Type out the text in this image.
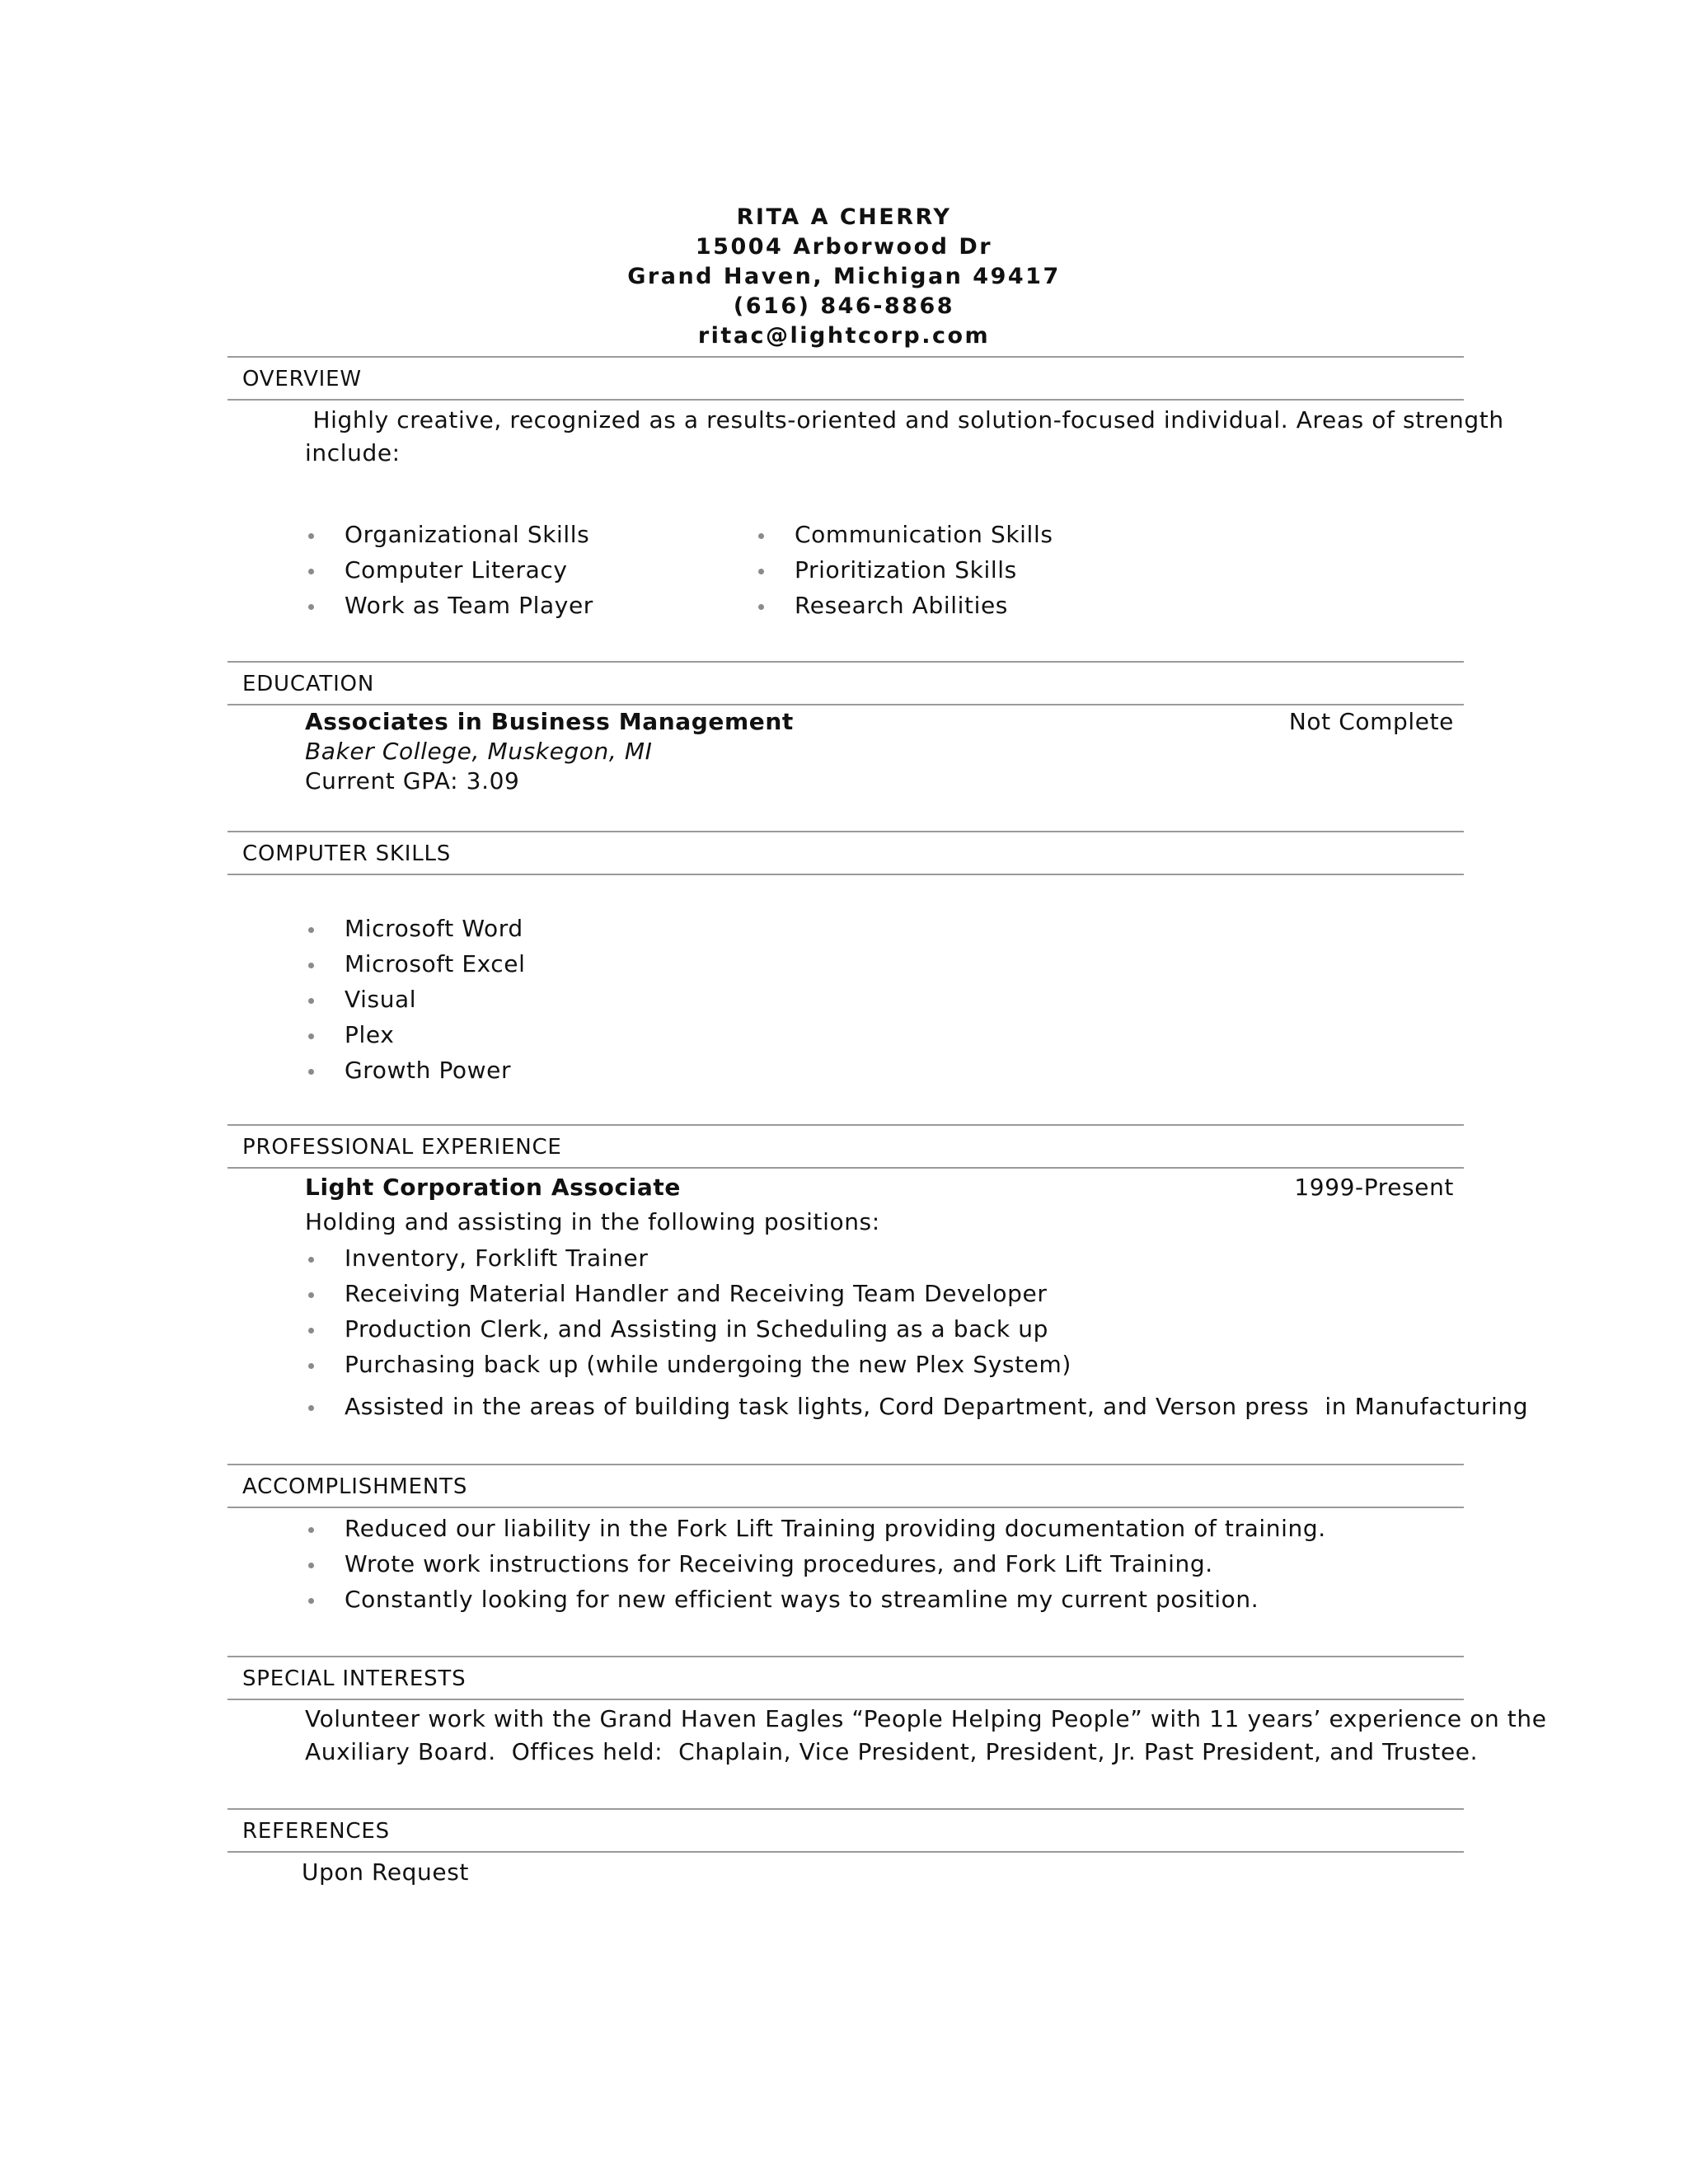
RITA A CHERRY
15004 Arborwood Dr
Grand Haven, Michigan 49417
(616) 846-8868
ritac@lightcorp.com
OVERVIEW
Highly creative, recognized as a results-oriented and solution-focused individual. Areas of strength
include:
Organizational Skills
Computer Literacy
Work as Team Player
Communication Skills
Prioritization Skills
Research Abilities
EDUCATION
Associates in Business Management
Baker College, Muskegon, MI
Current GPA: 3.09
Not Complete
COMPUTER SKILLS
Microsoft Word
Microsoft Excel
Visual
Plex
Growth Power
PROFESSIONAL EXPERIENCE
Light Corporation Associate	1999-Present
Holding and assisting in the following positions:
Inventory, Forklift Trainer
Receiving Material Handler and Receiving Team Developer
Production Clerk, and Assisting in Scheduling as a back up
Purchasing back up (while undergoing the new Plex System)
Assisted in the areas of building task lights, Cord Department, and Verson press  in Manufacturing
ACCOMPLISHMENTS
Reduced our liability in the Fork Lift Training providing documentation of training.
Wrote work instructions for Receiving procedures, and Fork Lift Training.
Constantly looking for new efficient ways to streamline my current position.
SPECIAL INTERESTS
Volunteer work with the Grand Haven Eagles “People Helping People” with 11 years’ experience on the
Auxiliary Board.  Offices held:  Chaplain, Vice President, President, Jr. Past President, and Trustee.
REFERENCES
Upon Request
